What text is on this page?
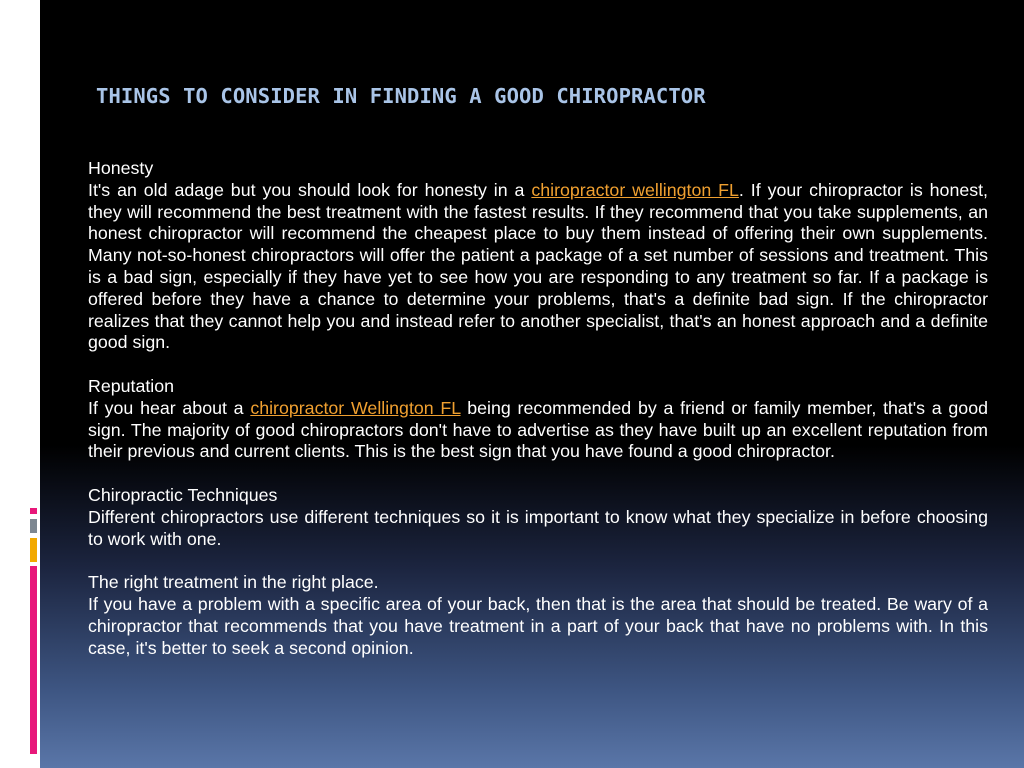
THINGS TO CONSIDER IN FINDING A GOOD CHIROPRACTOR
Honesty
It's an old adage but you should look for honesty in a chiropractor wellington FL. If your chiropractor is honest, they will recommend the best treatment with the fastest results. If they recommend that you take supplements, an honest chiropractor will recommend the cheapest place to buy them instead of offering their own supplements. Many not-so-honest chiropractors will offer the patient a package of a set number of sessions and treatment. This is a bad sign, especially if they have yet to see how you are responding to any treatment so far. If a package is offered before they have a chance to determine your problems, that's a definite bad sign. If the chiropractor realizes that they cannot help you and instead refer to another specialist, that's an honest approach and a definite good sign.
Reputation
If you hear about a chiropractor Wellington FL being recommended by a friend or family member, that's a good sign. The majority of good chiropractors don't have to advertise as they have built up an excellent reputation from their previous and current clients. This is the best sign that you have found a good chiropractor.
Chiropractic Techniques
Different chiropractors use different techniques so it is important to know what they specialize in before choosing to work with one.
The right treatment in the right place.
If you have a problem with a specific area of your back, then that is the area that should be treated. Be wary of a chiropractor that recommends that you have treatment in a part of your back that have no problems with. In this case, it's better to seek a second opinion.
